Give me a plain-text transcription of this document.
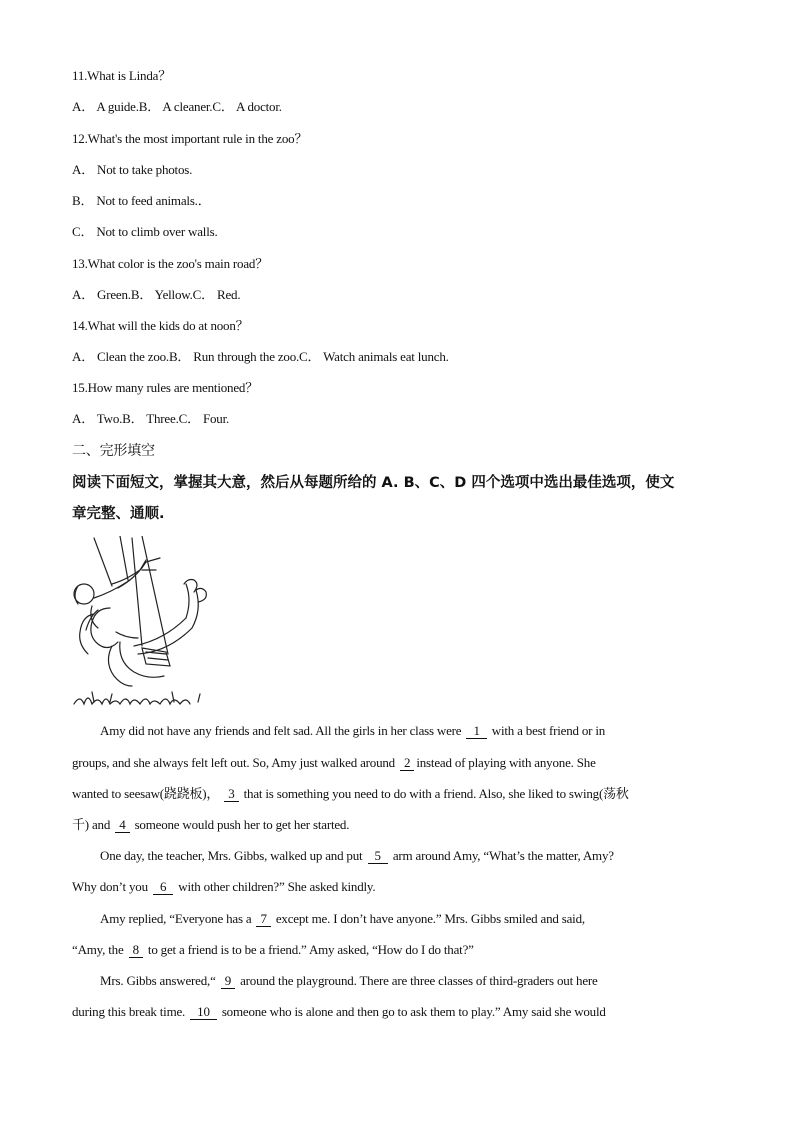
11.What is Linda？
A． A guide.B． A cleaner.C． A doctor.
12.What's the most important rule in the zoo？
A． Not to take photos.
B． Not to feed animals.．
C． Not to climb over walls.
13.What color is the zoo's main road？
A． Green.B． Yellow.C． Red.
14.What will the kids do at noon？
A． Clean the zoo.B． Run through the zoo.C． Watch animals eat lunch.
15.How many rules are mentioned？
A． Two.B． Three.C． Four.
二、完形填空
阅读下面短文，掌握其大意，然后从每题所给的 A. B、C、D 四个选项中选出最佳选项，使文
章完整、通顺.
Amy did not have any friends and felt sad. All the girls in her class were 1 with a best friend or in
groups, and she always felt left out. So, Amy just walked around 2 instead of playing with anyone. She
wanted to seesaw(跷跷板)， 3 that is something you need to do with a friend. Also, she liked to swing(荡秋
千) and 4 someone would push her to get her started.
One day, the teacher, Mrs. Gibbs, walked up and put 5 arm around Amy, “What’s the matter, Amy?
Why don’t you 6 with other children?” She asked kindly.
Amy replied, “Everyone has a 7 except me. I don’t have anyone.” Mrs. Gibbs smiled and said,
“Amy, the 8 to get a friend is to be a friend.” Amy asked, “How do I do that?”
Mrs. Gibbs answered,“ 9 around the playground. There are three classes of third-graders out here
during this break time. 10 someone who is alone and then go to ask them to play.” Amy said she would
